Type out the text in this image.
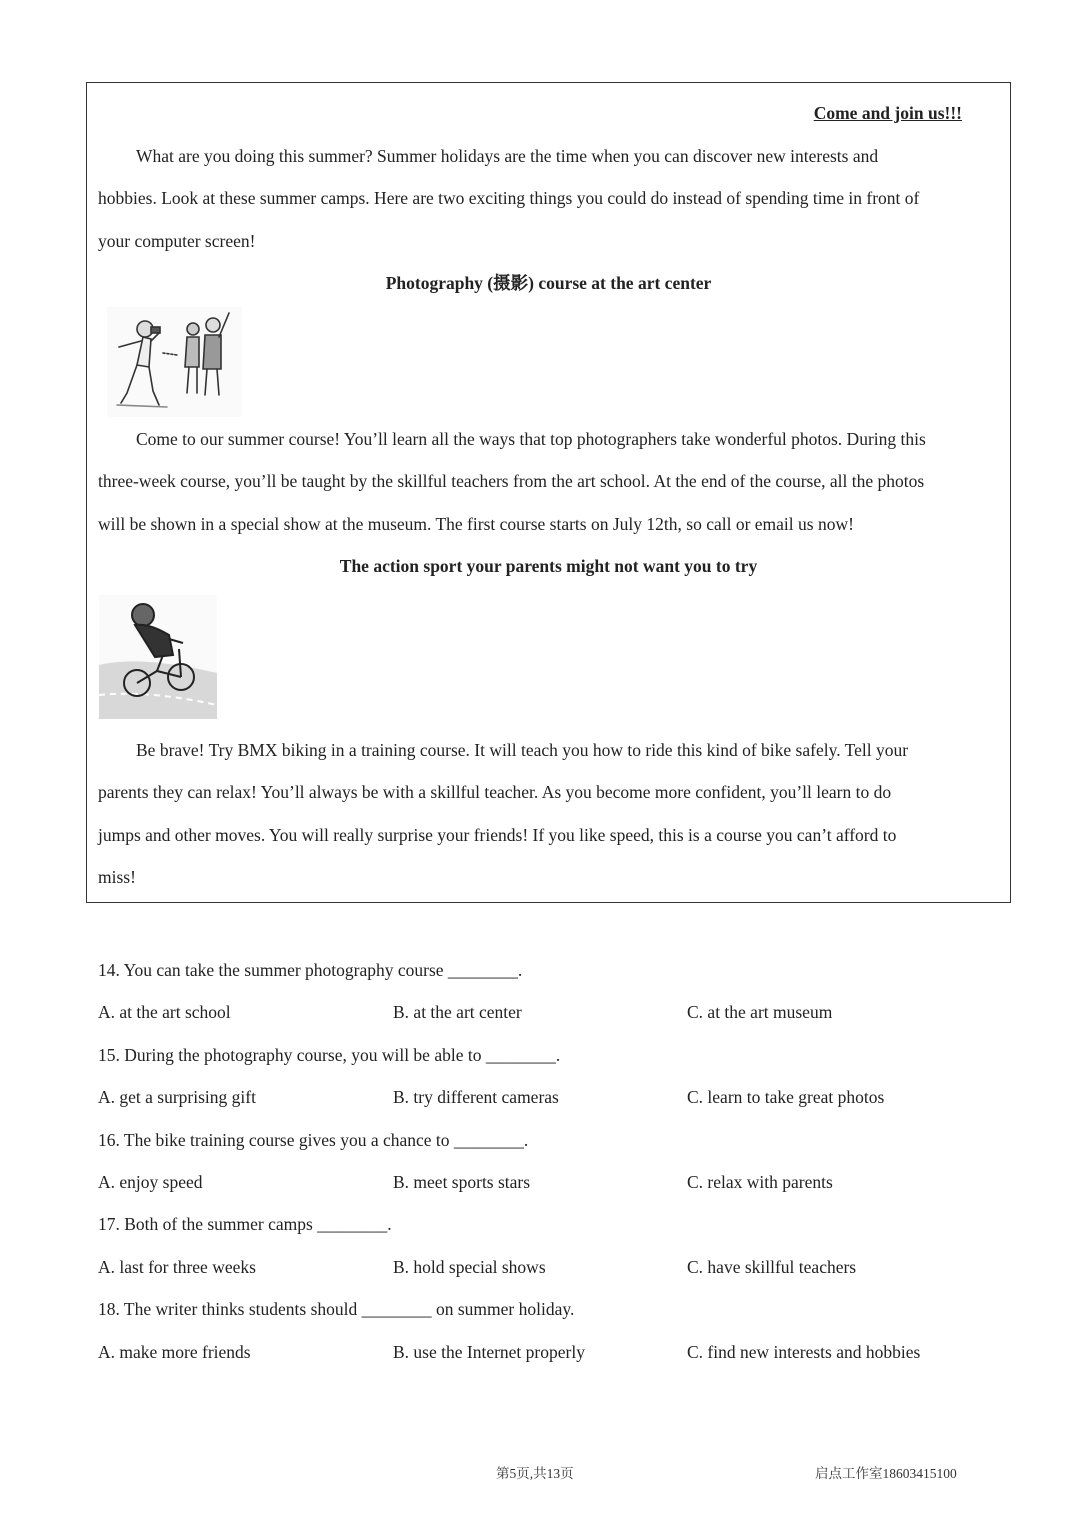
Come and join us!!!
What are you doing this summer? Summer holidays are the time when you can discover new interests and
hobbies. Look at these summer camps. Here are two exciting things you could do instead of spending time in front of
your computer screen!
Photography (摄影) course at the art center
Come to our summer course! You’ll learn all the ways that top photographers take wonderful photos. During this
three-week course, you’ll be taught by the skillful teachers from the art school. At the end of the course, all the photos
will be shown in a special show at the museum. The first course starts on July 12th, so call or email us now!
The action sport your parents might not want you to try
Be brave! Try BMX biking in a training course. It will teach you how to ride this kind of bike safely. Tell your
parents they can relax! You’ll always be with a skillful teacher. As you become more confident, you’ll learn to do
jumps and other moves. You will really surprise your friends! If you like speed, this is a course you can’t afford to
miss!
14. You can take the summer photography course ________.
A. at the art school	B. at the art center	C. at the art museum
15. During the photography course, you will be able to ________.
A. get a surprising gift	B. try different cameras	C. learn to take great photos
16. The bike training course gives you a chance to ________.
A. enjoy speed	B. meet sports stars	C. relax with parents
17. Both of the summer camps ________.
A. last for three weeks	B. hold special shows	C. have skillful teachers
18. The writer thinks students should ________ on summer holiday.
A. make more friends	B. use the Internet properly	C. find new interests and hobbies
第5页,共13页	启点工作室18603415100
